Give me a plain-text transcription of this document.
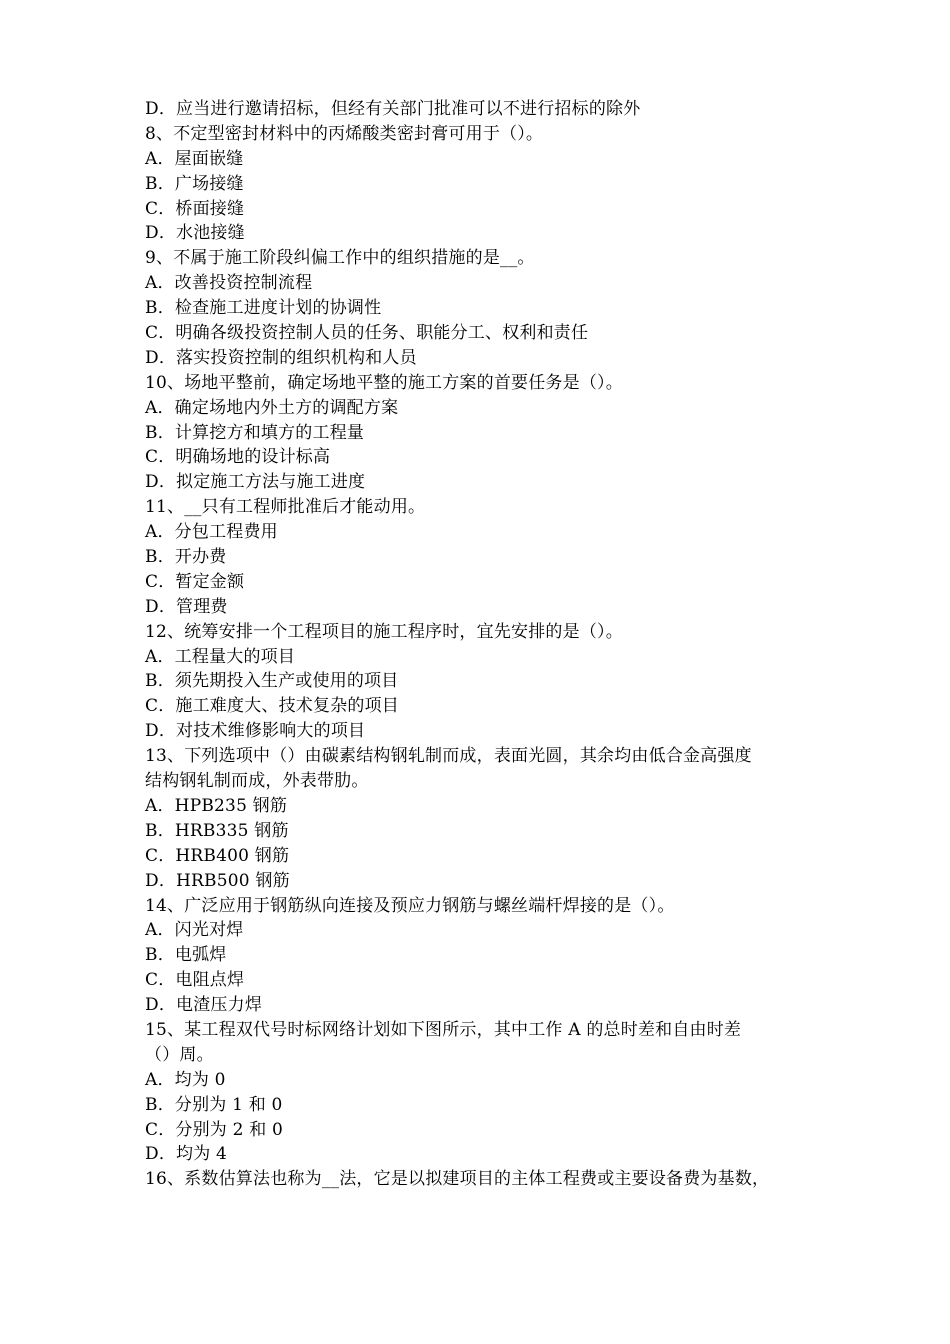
D．应当进行邀请招标，但经有关部门批准可以不进行招标的除外
8、不定型密封材料中的丙烯酸类密封膏可用于（）。
A．屋面嵌缝
B．广场接缝
C．桥面接缝
D．水池接缝
9、不属于施工阶段纠偏工作中的组织措施的是__。
A．改善投资控制流程
B．检查施工进度计划的协调性
C．明确各级投资控制人员的任务、职能分工、权利和责任
D．落实投资控制的组织机构和人员
10、场地平整前，确定场地平整的施工方案的首要任务是（）。
A．确定场地内外土方的调配方案
B．计算挖方和填方的工程量
C．明确场地的设计标高
D．拟定施工方法与施工进度
11、__只有工程师批准后才能动用。
A．分包工程费用
B．开办费
C．暂定金额
D．管理费
12、统筹安排一个工程项目的施工程序时，宜先安排的是（）。
A．工程量大的项目
B．须先期投入生产或使用的项目
C．施工难度大、技术复杂的项目
D．对技术维修影响大的项目
13、下列选项中（）由碳素结构钢轧制而成，表面光圆，其余均由低合金高强度
结构钢轧制而成，外表带肋。
A．HPB235 钢筋
B．HRB335 钢筋
C．HRB400 钢筋
D．HRB500 钢筋
14、广泛应用于钢筋纵向连接及预应力钢筋与螺丝端杆焊接的是（）。
A．闪光对焊
B．电弧焊
C．电阻点焊
D．电渣压力焊
15、某工程双代号时标网络计划如下图所示，其中工作 A 的总时差和自由时差
（）周。
A．均为 0
B．分别为 1 和 0
C．分别为 2 和 0
D．均为 4
16、系数估算法也称为__法，它是以拟建项目的主体工程费或主要设备费为基数，
